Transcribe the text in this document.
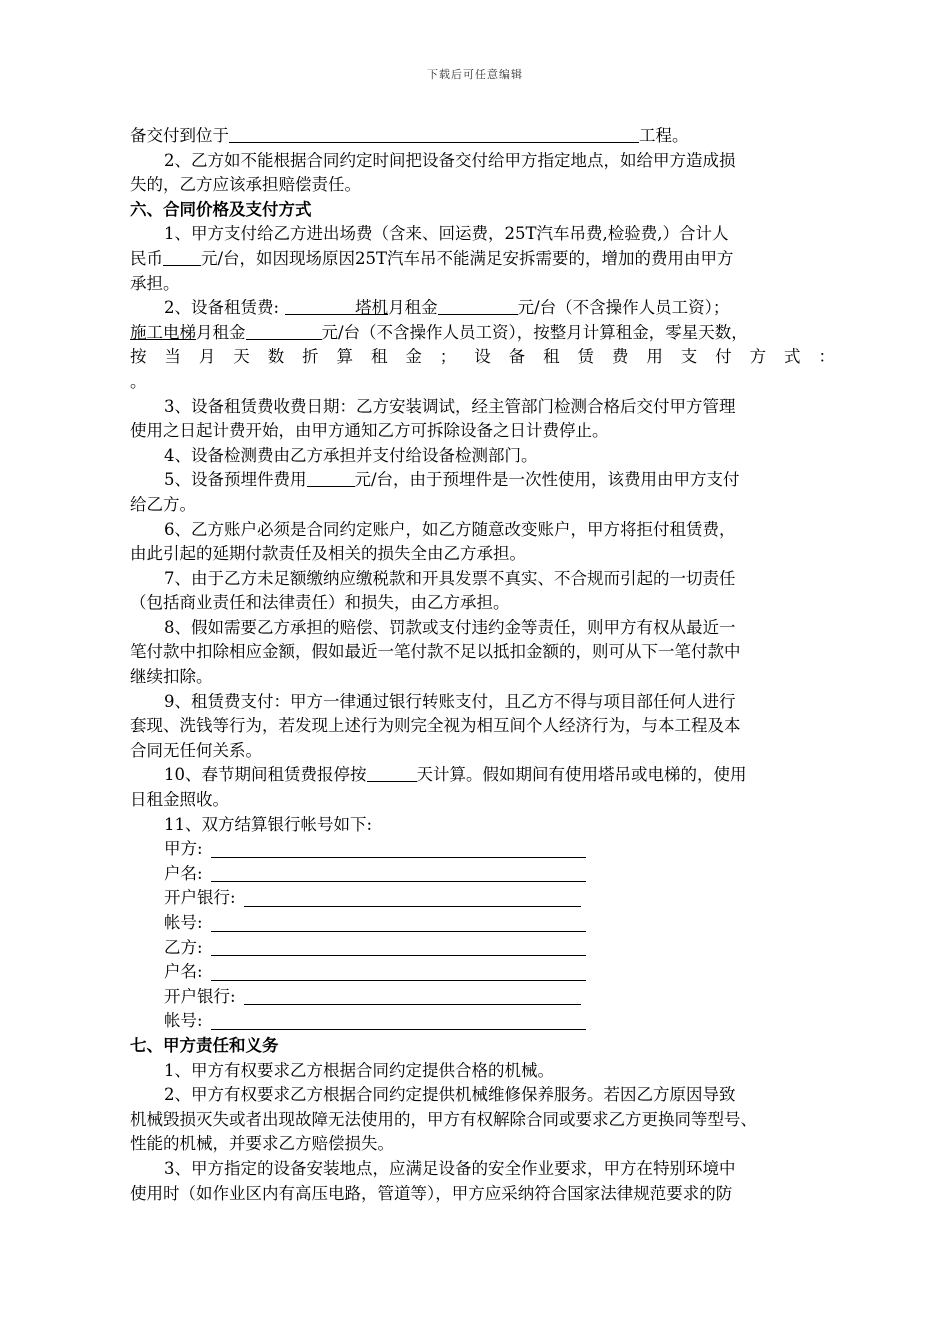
下载后可任意编辑
备交付到位于	工程。
2、乙方如不能根据合同约定时间把设备交付给甲方指定地点，如给甲方造成损
失的，乙方应该承担赔偿责任。
六、合同价格及支付方式
1、甲方支付给乙方进出场费（含来、回运费，25T汽车吊费,检验费,）合计人
民币 元/台，如因现场原因25T汽车吊不能满足安拆需要的，增加的费用由甲方
承担。
2、设备租赁费:	塔机月租金	元/台（不含操作人员工资）；
施工电梯月租金	元/台（不含操作人员工资），按整月计算租金，零星天数，
按 当 月 天 数 折 算 租 金 ； 设 备 租 赁 费 用 支 付 方 式 ：
。
3、设备租赁费收费日期：乙方安装调试，经主管部门检测合格后交付甲方管理
使用之日起计费开始，由甲方通知乙方可拆除设备之日计费停止。
4、设备检测费由乙方承担并支付给设备检测部门。
5、设备预埋件费用	元/台，由于预埋件是一次性使用，该费用由甲方支付
给乙方。
6、乙方账户必须是合同约定账户，如乙方随意改变账户，甲方将拒付租赁费，
由此引起的延期付款责任及相关的损失全由乙方承担。
7、由于乙方未足额缴纳应缴税款和开具发票不真实、不合规而引起的一切责任
（包括商业责任和法律责任）和损失，由乙方承担。
8、假如需要乙方承担的赔偿、罚款或支付违约金等责任，则甲方有权从最近一
笔付款中扣除相应金额，假如最近一笔付款不足以抵扣金额的，则可从下一笔付款中
继续扣除。
9、租赁费支付：甲方一律通过银行转账支付，且乙方不得与项目部任何人进行
套现、洗钱等行为，若发现上述行为则完全视为相互间个人经济行为，与本工程及本
合同无任何关系。
10、春节期间租赁费报停按	天计算。假如期间有使用塔吊或电梯的，使用
日租金照收。
11、双方结算银行帐号如下:
甲方:
户名:
开户银行:
帐号:
乙方:
户名:
开户银行:
帐号:
七、甲方责任和义务
1、甲方有权要求乙方根据合同约定提供合格的机械。
2、甲方有权要求乙方根据合同约定提供机械维修保养服务。若因乙方原因导致
机械毁损灭失或者出现故障无法使用的，甲方有权解除合同或要求乙方更换同等型号、
性能的机械，并要求乙方赔偿损失。
3、甲方指定的设备安装地点，应满足设备的安全作业要求，甲方在特别环境中
使用时（如作业区内有高压电路，管道等），甲方应采纳符合国家法律规范要求的防
